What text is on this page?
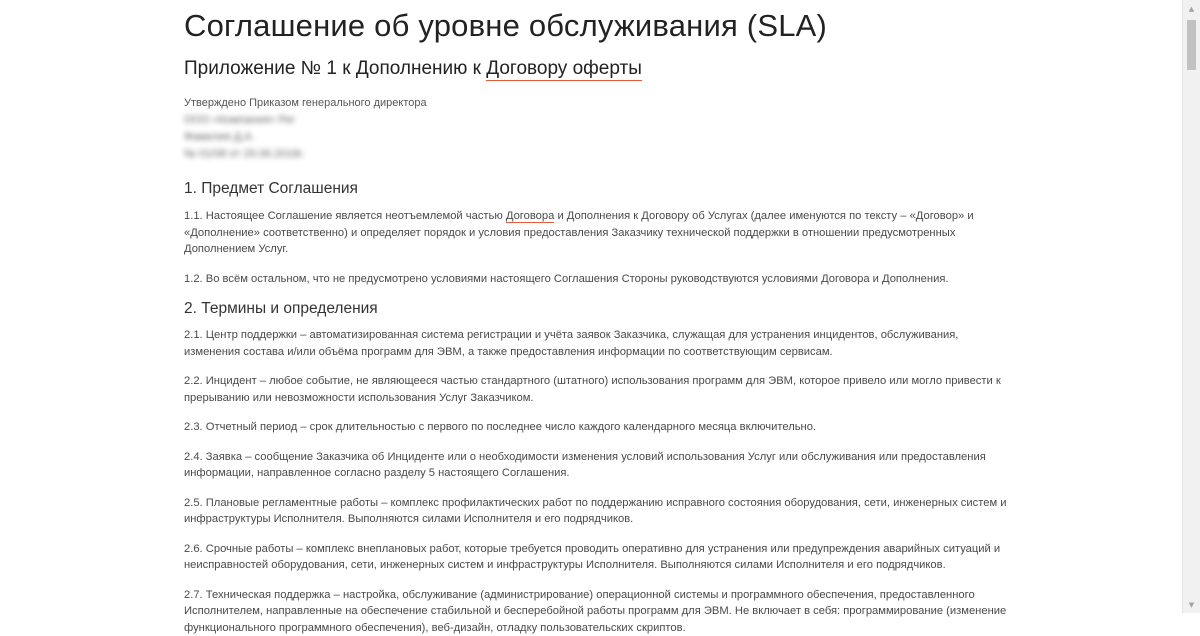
Соглашение об уровне обслуживания (SLA)
Приложение № 1 к Дополнению к Договору оферты
Утверждено Приказом генерального директора
ООО «Компания» Рег
Фамилия Д.А.
№ 01/08 от 29.06.2018г.
1. Предмет Соглашения

1.1. Настоящее Соглашение является неотъемлемой частью Договора и Дополнения к Договору об Услугах (далее именуются по тексту – «Договор» и «Дополнение» соответственно) и определяет порядок и условия предоставления Заказчику технической поддержки в отношении предусмотренных Дополнением Услуг.

1.2. Во всём остальном, что не предусмотрено условиями настоящего Соглашения Стороны руководствуются условиями Договора и Дополнения.

2. Термины и определения

2.1. Центр поддержки – автоматизированная система регистрации и учёта заявок Заказчика, служащая для устранения инцидентов, обслуживания, изменения состава и/или объёма программ для ЭВМ, а также предоставления информации по соответствующим сервисам.

2.2. Инцидент – любое событие, не являющееся частью стандартного (штатного) использования программ для ЭВМ, которое привело или могло привести к прерыванию или невозможности использования Услуг Заказчиком.

2.3. Отчетный период – срок длительностью с первого по последнее число каждого календарного месяца включительно.

2.4. Заявка – сообщение Заказчика об Инциденте или о необходимости изменения условий использования Услуг или обслуживания или предоставления информации, направленное согласно разделу 5 настоящего Соглашения.

2.5. Плановые регламентные работы – комплекс профилактических работ по поддержанию исправного состояния оборудования, сети, инженерных систем и инфраструктуры Исполнителя. Выполняются силами Исполнителя и его подрядчиков.

2.6. Срочные работы – комплекс внеплановых работ, которые требуется проводить оперативно для устранения или предупреждения аварийных ситуаций и неисправностей оборудования, сети, инженерных систем и инфраструктуры Исполнителя. Выполняются силами Исполнителя и его подрядчиков.

2.7. Техническая поддержка – настройка, обслуживание (администрирование) операционной системы и программного обеспечения, предоставленного Исполнителем, направленные на обеспечение стабильной и бесперебойной работы программ для ЭВМ. Не включает в себя: программирование (изменение функционального программного обеспечения), веб-дизайн, отладку пользовательских скриптов.

▲
▼
